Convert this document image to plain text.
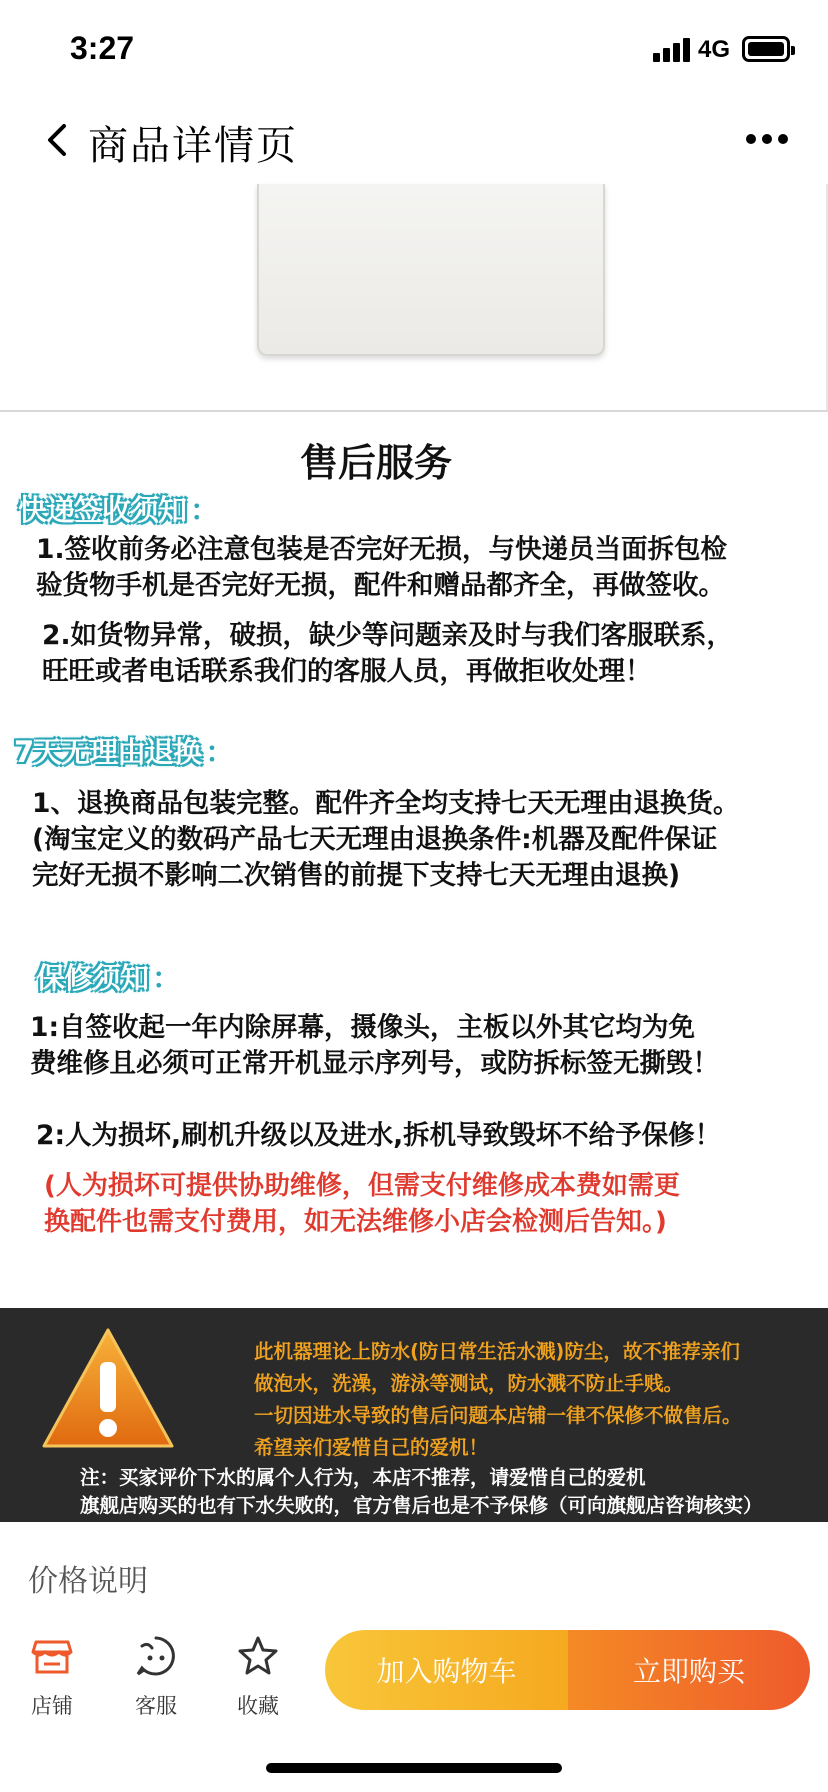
3:27	4G
商品详情页
售后服务
快递签收须知 ：
1.签收前务必注意包装是否完好无损，与快递员当面拆包检
验货物手机是否完好无损，配件和赠品都齐全，再做签收。
2.如货物异常，破损，缺少等问题亲及时与我们客服联系，
旺旺或者电话联系我们的客服人员，再做拒收处理！
7天无理由退换 ：
1、退换商品包装完整。配件齐全均支持七天无理由退换货。
(淘宝定义的数码产品七天无理由退换条件:机器及配件保证
完好无损不影响二次销售的前提下支持七天无理由退换)
保修须知 ：
1:自签收起一年内除屏幕，摄像头，主板以外其它均为免
费维修且必须可正常开机显示序列号，或防拆标签无撕毁！
2:人为损坏,刷机升级以及进水,拆机导致毁坏不给予保修！
(人为损坏可提供协助维修，但需支付维修成本费如需更
换配件也需支付费用，如无法维修小店会检测后告知。)
此机器理论上防水(防日常生活水溅)防尘，故不推荐亲们
做泡水，洗澡，游泳等测试，防水溅不防止手贱。
一切因进水导致的售后问题本店铺一律不保修不做售后。
希望亲们爱惜自己的爱机！
注：买家评价下水的属个人行为，本店不推荐，请爱惜自己的爱机
旗舰店购买的也有下水失败的，官方售后也是不予保修（可向旗舰店咨询核实）
价格说明
店铺	客服	收藏
加入购物车	立即购买
